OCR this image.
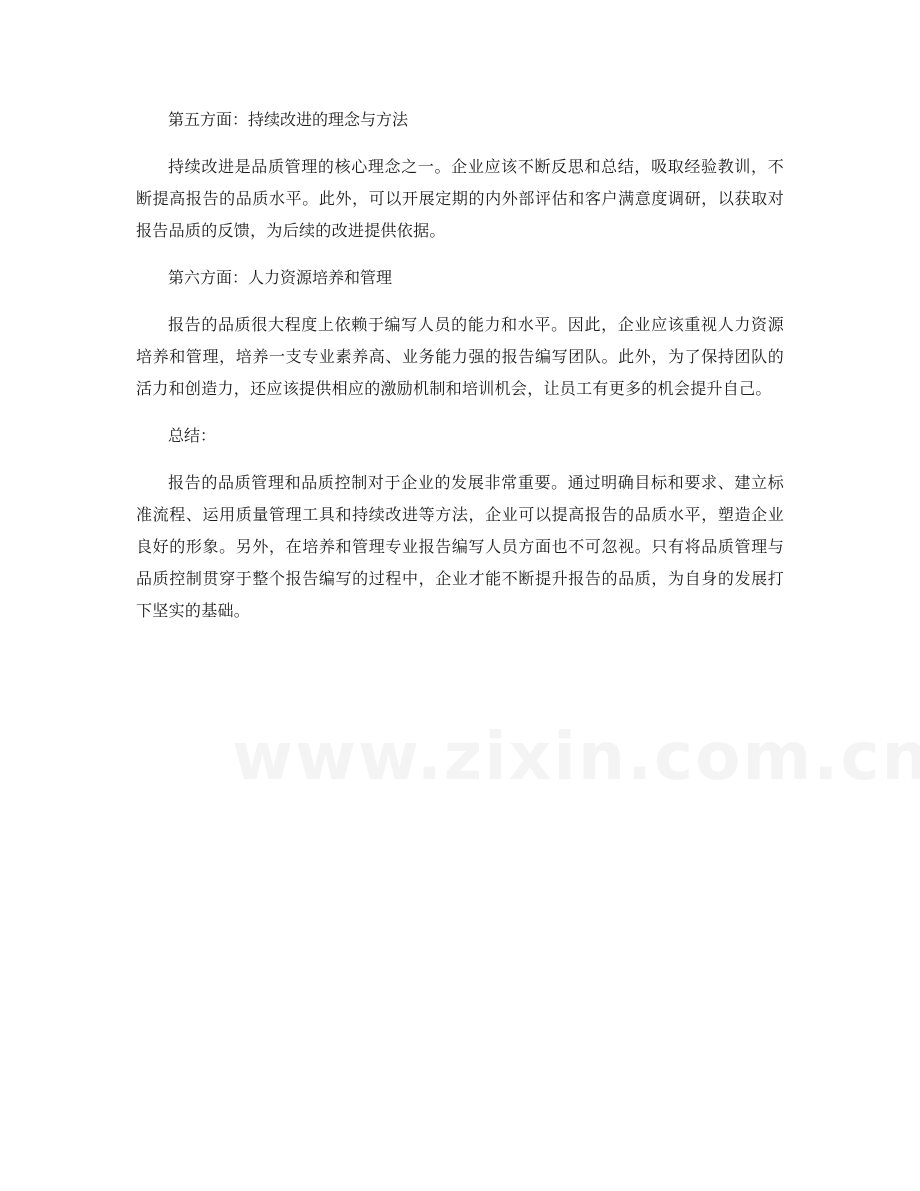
第五方面：持续改进的理念与方法

持续改进是品质管理的核心理念之一。企业应该不断反思和总结，吸取经验教训，不断提高报告的品质水平。此外，可以开展定期的内外部评估和客户满意度调研，以获取对报告品质的反馈，为后续的改进提供依据。

第六方面：人力资源培养和管理

报告的品质很大程度上依赖于编写人员的能力和水平。因此，企业应该重视人力资源培养和管理，培养一支专业素养高、业务能力强的报告编写团队。此外，为了保持团队的活力和创造力，还应该提供相应的激励机制和培训机会，让员工有更多的机会提升自己。

总结：

报告的品质管理和品质控制对于企业的发展非常重要。通过明确目标和要求、建立标准流程、运用质量管理工具和持续改进等方法，企业可以提高报告的品质水平，塑造企业良好的形象。另外，在培养和管理专业报告编写人员方面也不可忽视。只有将品质管理与品质控制贯穿于整个报告编写的过程中，企业才能不断提升报告的品质，为自身的发展打下坚实的基础。
